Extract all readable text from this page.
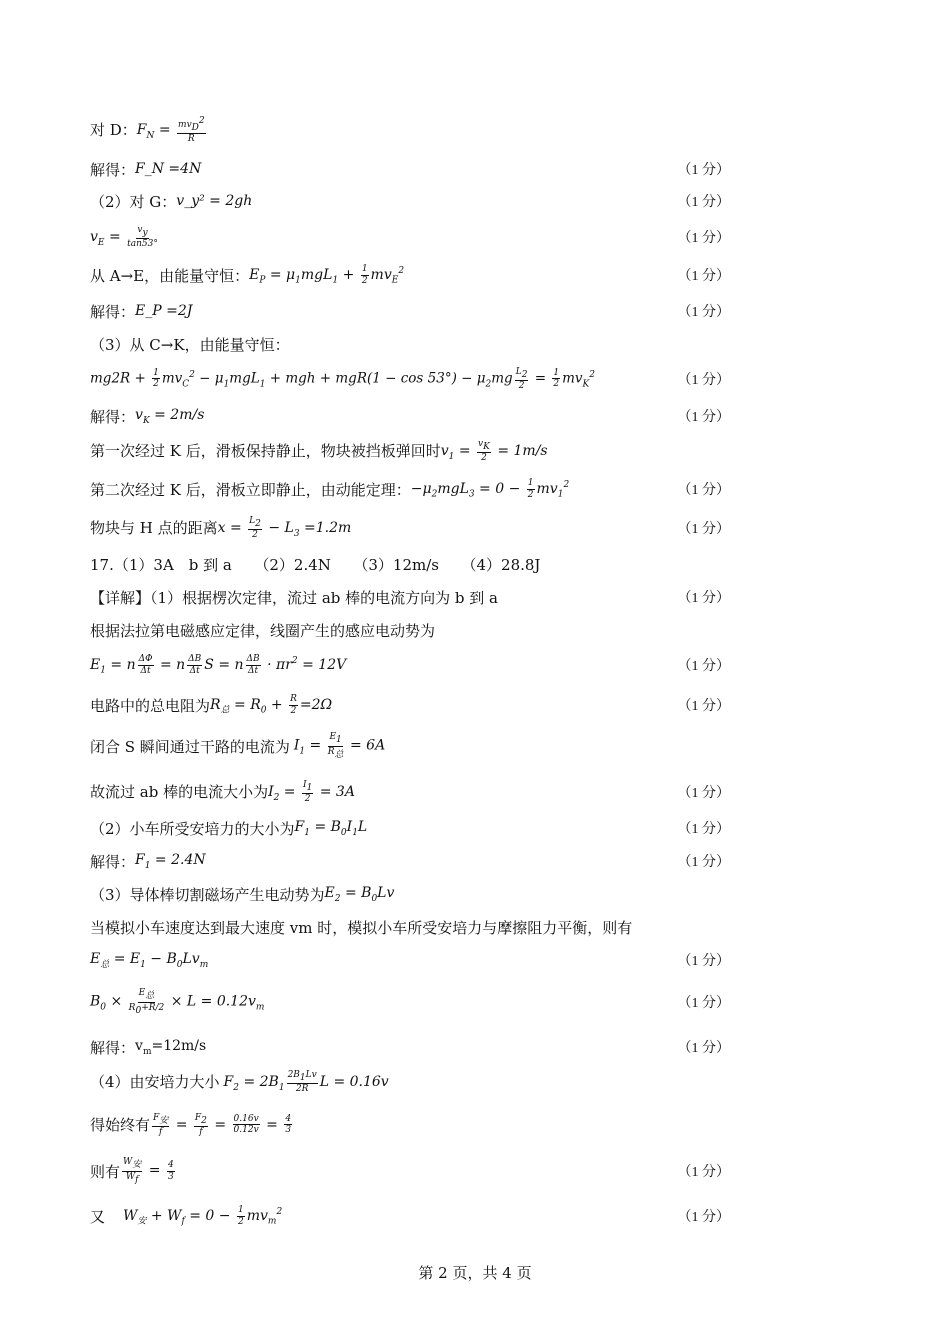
对 D： $F_N = \frac{mv_D^2}{R}$
解得： F_N =4N	（1 分）
（2）对 G： v_y² = 2gh	（1 分）
$v_E = \frac{v_y}{\tan 53^\circ}$	（1 分）
从 A→E，由能量守恒： $E_P = \mu_1mgL_1 + \frac{1}{2} mv_E^2$	（1 分）
解得： E_P =2J	（1 分）
（3）从 C→K，由能量守恒：
$mg2R + \frac{1}{2} mv_C^2 - \mu_1mgL_1$ + mgh + $mgR(1 - \cos 53^\circ) - \mu_2mg \frac{L_2}{2} = \frac{1}{2} mv_K^2$	（1 分）
解得： $v_K = 2m/s$	（1 分）
第一次经过 K 后，滑板保持静止，物块被挡板弹回时 $v_1 = \frac{v_K}{2} = 1m/s$
第二次经过 K 后，滑板立即静止，由动能定理： $-\mu_2mgL_3 = 0 - \frac{1}{2} mv_1^2$	（1 分）
物块与 H 点的距离 $x = \frac{L_2}{2} - L_3 =1.2m$	（1 分）
17.（1）3A　b 到 a　　（2）2.4N　　（3）12m/s　　（4）28.8J
【详解】（1）根据楞次定律，流过 ab 棒的电流方向为 b 到 a	（1 分）
根据法拉第电磁感应定律，线圈产生的感应电动势为
$E_1 = n \frac{\Delta\Phi}{\Delta t} = n \frac{\Delta B}{\Delta t}$ S = n $\frac{\Delta B}{\Delta t} \cdot \pi r^2 = 12V$	（1 分）
电路中的总电阻为 $R_总 = R_0 + \frac{R}{2} =2\Omega$	（1 分）
闭合 S 瞬间通过干路的电流为 $I_1 = \frac{E_1}{R_总} = 6A$
故流过 ab 棒的电流大小为 $I_2 = \frac{I_1}{2} = 3A$	（1 分）
（2）小车所受安培力的大小为 $F_1 = B_0I_1L$	（1 分）
解得： $F_1 = 2.4N$	（1 分）
（3）导体棒切割磁场产生电动势为 $E_2 = B_0Lv$
当模拟小车速度达到最大速度 vm 时，模拟小车所受安培力与摩擦阻力平衡，则有
$E_总 = E_1 - B_0Lv_m$	（1 分）
$B_0 \times \frac{E_总}{R_0+R/2} \times L = 0.12v_m$	（1 分）
解得： $v_m=12m/s$	（1 分）
（4）由安培力大小 $F_2 = 2B_1 \frac{2B_1Lv}{2R}$ L = 0.16v
得始终有 $\frac{F_安}{f} = \frac{F_2}{f} = \frac{0.16v}{0.12v} = \frac{4}{3}$
则有 $\frac{W_安}{W_f} = \frac{4}{3}$	（1 分）
又 $W_安 + W_f = 0 - \frac{1}{2} mv_m^2$	（1 分）
第 2 页，共 4 页
